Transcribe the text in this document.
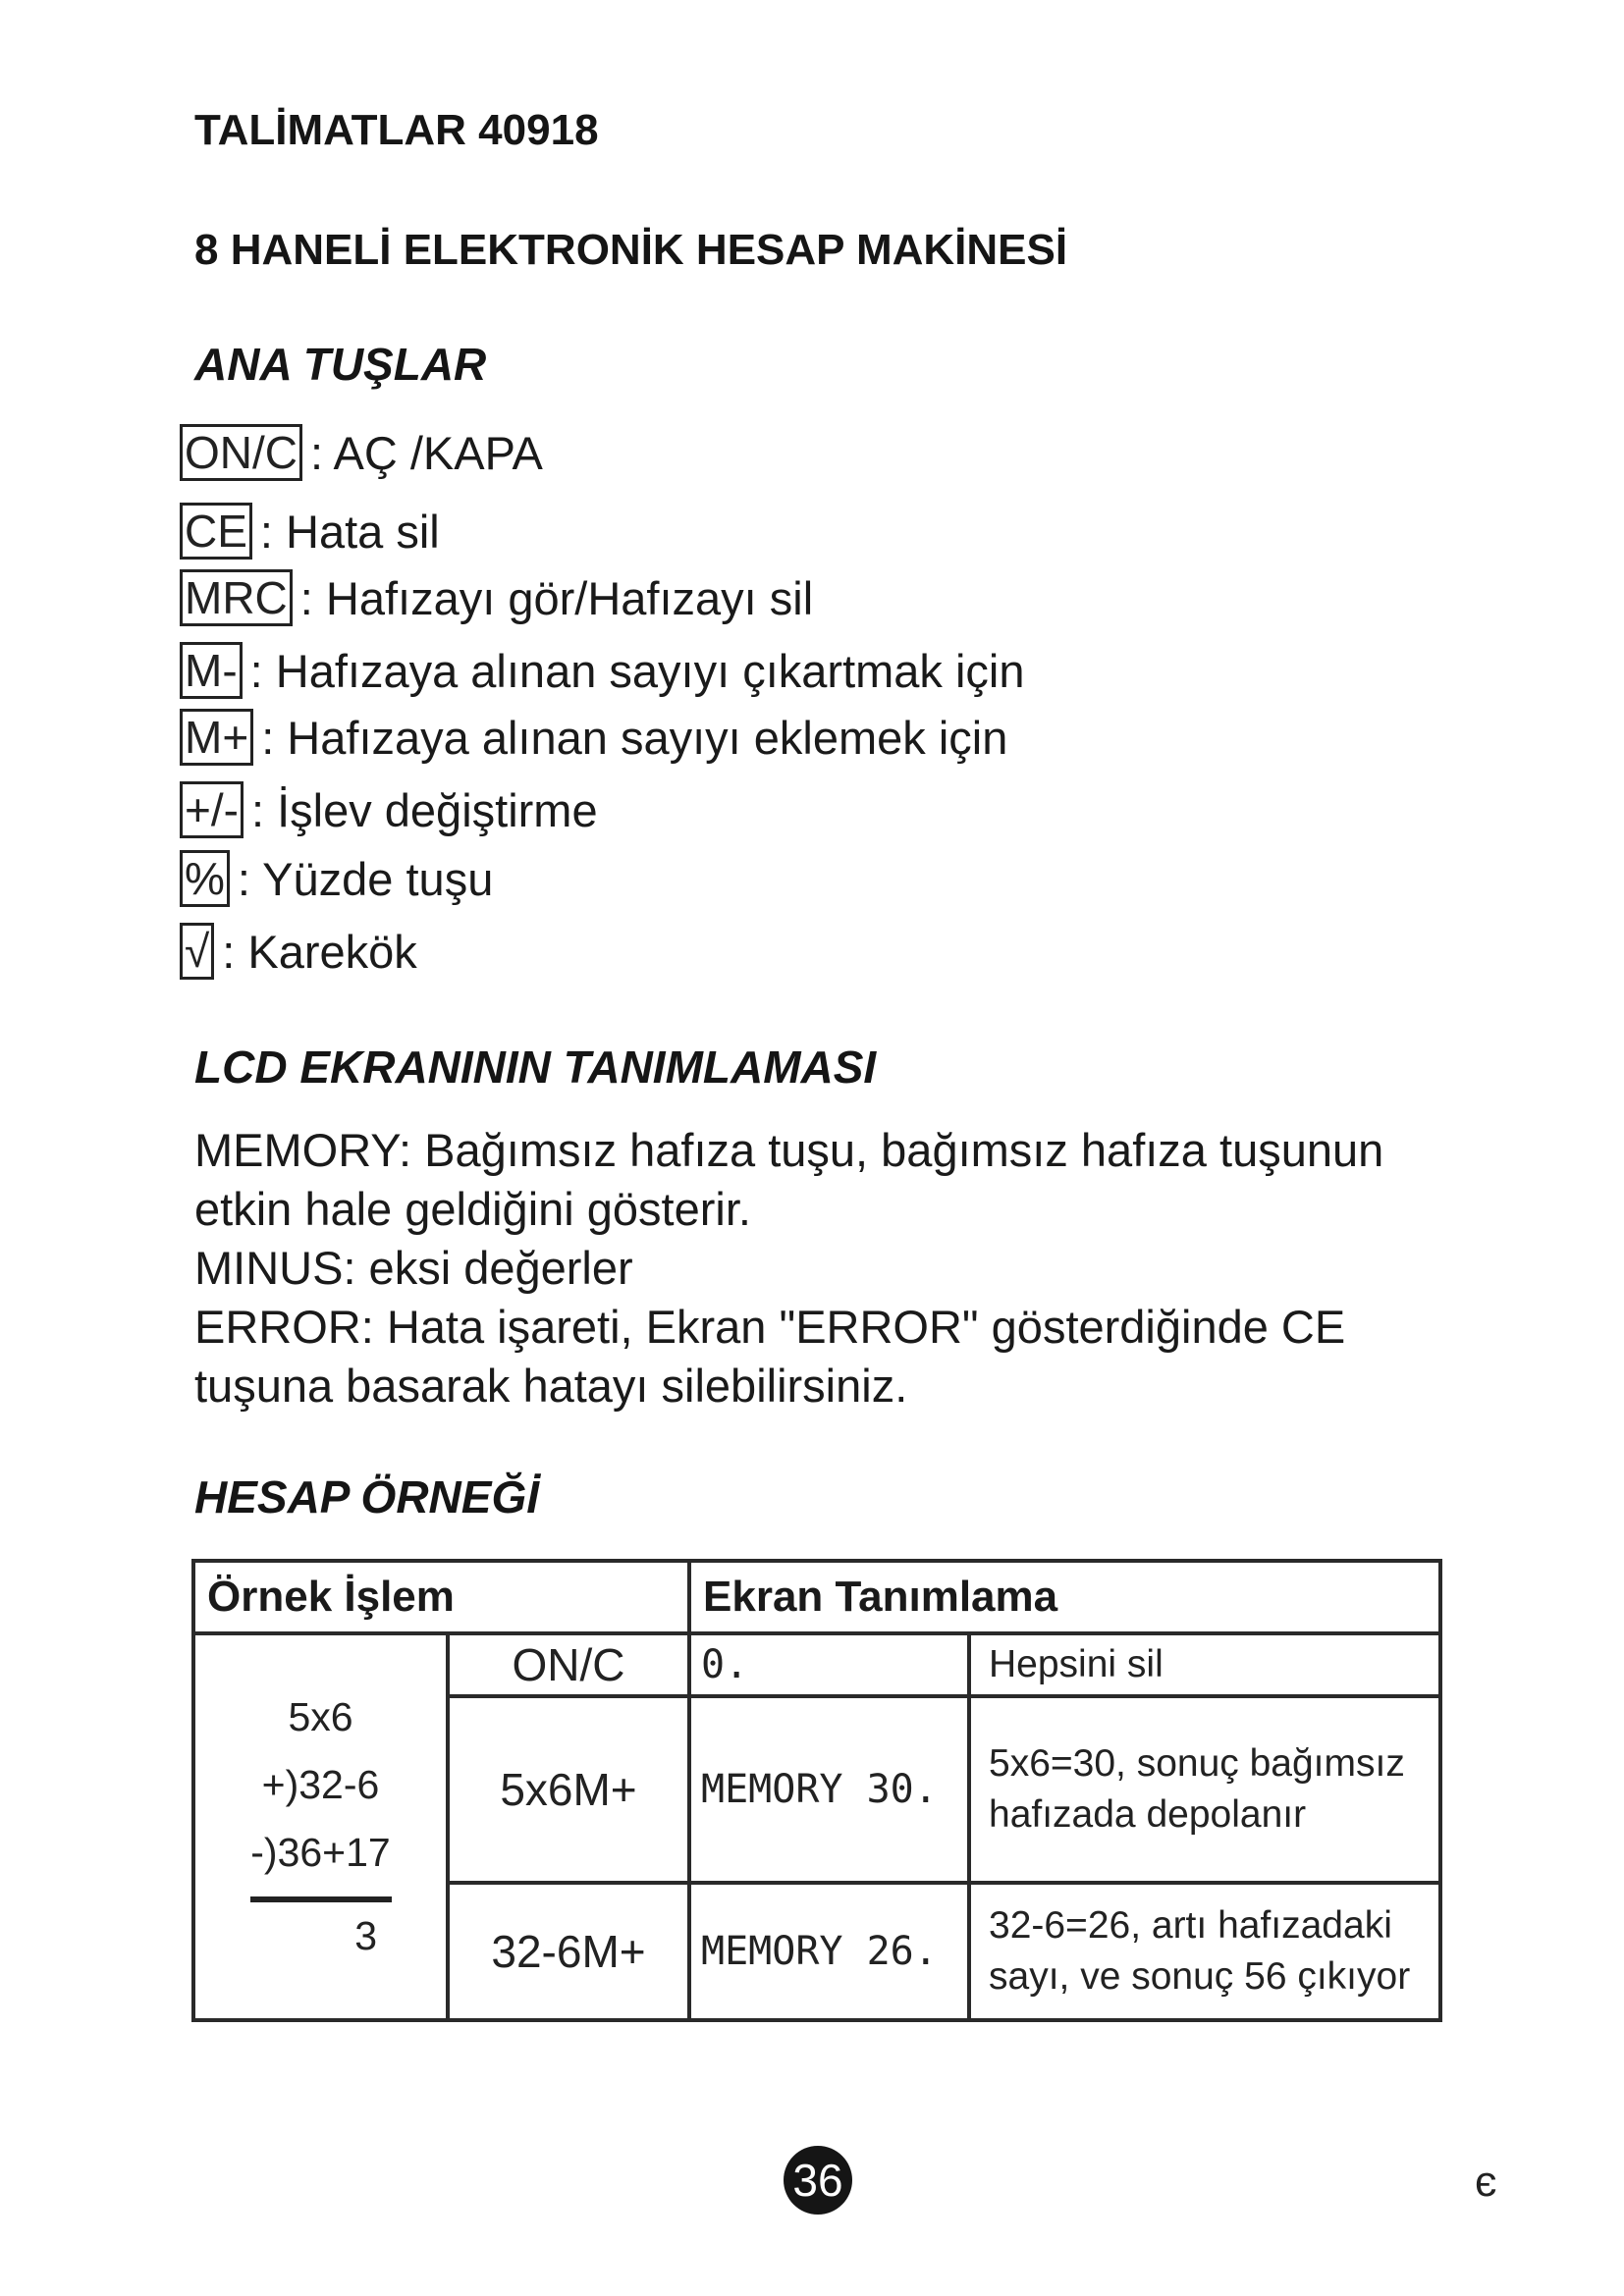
TALİMATLAR 40918
8 HANELİ ELEKTRONİK HESAP MAKİNESİ
ANA TUŞLAR
ON/C : AÇ /KAPA
CE : Hata sil
MRC : Hafızayı gör/Hafızayı sil
M- : Hafızaya alınan sayıyı çıkartmak için
M+ : Hafızaya alınan sayıyı eklemek için
+/- : İşlev değiştirme
% : Yüzde tuşu
√ : Karekök
LCD EKRANININ TANIMLAMASI

MEMORY: Bağımsız hafıza tuşu, bağımsız hafıza tuşunun

etkin hale geldiğini gösterir.

MINUS: eksi değerler

ERROR: Hata işareti, Ekran "ERROR" gösterdiğinde CE

tuşuna basarak hatayı silebilirsiniz.

HESAP ÖRNEĞİ
Örnek İşlem		Ekran Tanımlama	

5x6
+)32-6
-)36+17
3	ON/C	0.	Hepsini sil

	5x6M+	MEMORY 30.	5x6=30, sonuç bağımsız
hafızada depolanır

	32-6M+	MEMORY 26.	32-6=26, artı hafızadaki
sayı, ve sonuç 56 çıkıyor
36	є
